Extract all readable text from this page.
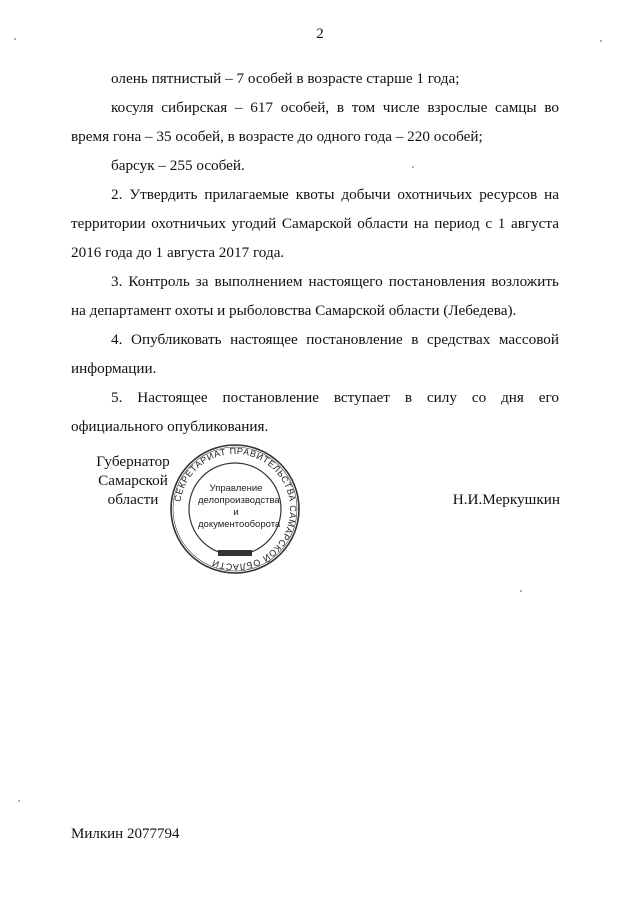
2

олень пятнистый – 7 особей в возрасте старше 1 года;

косуля сибирская – 617 особей, в том числе взрослые самцы во время гона – 35 особей, в возрасте до одного года – 220 особей;

барсук – 255 особей.

2. Утвердить прилагаемые квоты добычи охотничьих ресурсов на территории охотничьих угодий Самарской области на период с 1 августа 2016 года до 1 августа 2017 года.

3. Контроль за выполнением настоящего постановления возложить на департамент охоты и рыболовства Самарской области (Лебедева).

4. Опубликовать настоящее постановление в средствах массовой информации.

5. Настоящее постановление вступает в силу со дня его

официального опубликования.

Губернатор
Самарской области	СЕКРЕТАРИАТ ПРАВИТЕЛЬСТВА САМАРСКОЙ ОБЛАСТИ
Управление
делопроизводства
и документооборота
Н.И.Меркушкин
Милкин 2077794
